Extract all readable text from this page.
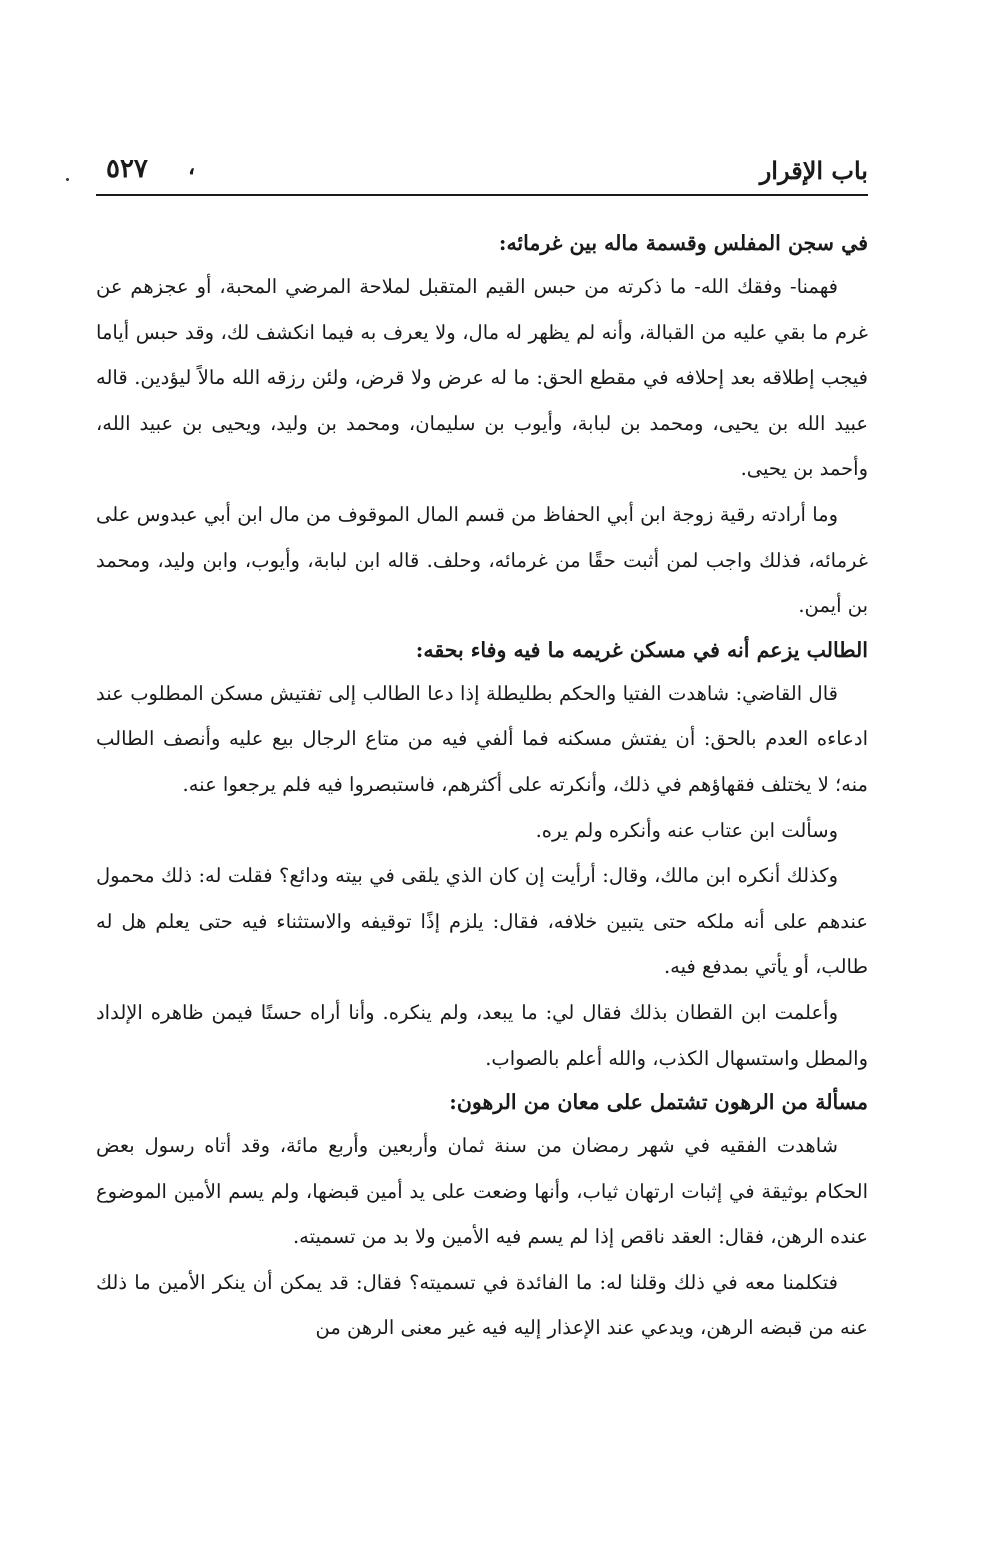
باب الإقرار
،
٥٢٧
في سجن المفلس وقسمة ماله بين غرمائه:

فهمنا- وفقك الله- ما ذكرته من حبس القيم المتقبل لملاحة المرضي المحبة، أو عجزهم عن غرم ما بقي عليه من القبالة، وأنه لم يظهر له مال، ولا يعرف به فيما انكشف لك، وقد حبس أياما فيجب إطلاقه بعد إحلافه في مقطع الحق: ما له عرض ولا قرض، ولئن رزقه الله مالاً ليؤدين. قاله عبيد الله بن يحيى، ومحمد بن لبابة، وأيوب بن سليمان، ومحمد بن وليد، ويحيى بن عبيد الله، وأحمد بن يحيى.

وما أرادته رقية زوجة ابن أبي الحفاظ من قسم المال الموقوف من مال ابن أبي عبدوس على غرمائه، فذلك واجب لمن أثبت حقًا من غرمائه، وحلف. قاله ابن لبابة، وأيوب، وابن وليد، ومحمد بن أيمن.

الطالب يزعم أنه في مسكن غريمه ما فيه وفاء بحقه:

قال القاضي: شاهدت الفتيا والحكم بطليطلة إذا دعا الطالب إلى تفتيش مسكن المطلوب عند ادعاءه العدم بالحق: أن يفتش مسكنه فما ألفي فيه من متاع الرجال بيع عليه وأنصف الطالب منه؛ لا يختلف فقهاؤهم في ذلك، وأنكرته على أكثرهم، فاستبصروا فيه فلم يرجعوا عنه.

وسألت ابن عتاب عنه وأنكره ولم يره.

وكذلك أنكره ابن مالك، وقال: أرأيت إن كان الذي يلقى في بيته ودائع؟ فقلت له: ذلك محمول عندهم على أنه ملكه حتى يتبين خلافه، فقال: يلزم إذًا توقيفه والاستثناء فيه حتى يعلم هل له طالب، أو يأتي بمدفع فيه.

وأعلمت ابن القطان بذلك فقال لي: ما يبعد، ولم ينكره. وأنا أراه حسنًا فيمن ظاهره الإلداد والمطل واستسهال الكذب، والله أعلم بالصواب.

مسألة من الرهون تشتمل على معان من الرهون:

شاهدت الفقيه في شهر رمضان من سنة ثمان وأربعين وأربع مائة، وقد أتاه رسول بعض الحكام بوثيقة في إثبات ارتهان ثياب، وأنها وضعت على يد أمين قبضها، ولم يسم الأمين الموضوع عنده الرهن، فقال: العقد ناقص إذا لم يسم فيه الأمين ولا بد من تسميته.

فتكلمنا معه في ذلك وقلنا له: ما الفائدة في تسميته؟ فقال: قد يمكن أن ينكر الأمين ما ذلك عنه من قبضه الرهن، ويدعي عند الإعذار إليه فيه غير معنى الرهن من
